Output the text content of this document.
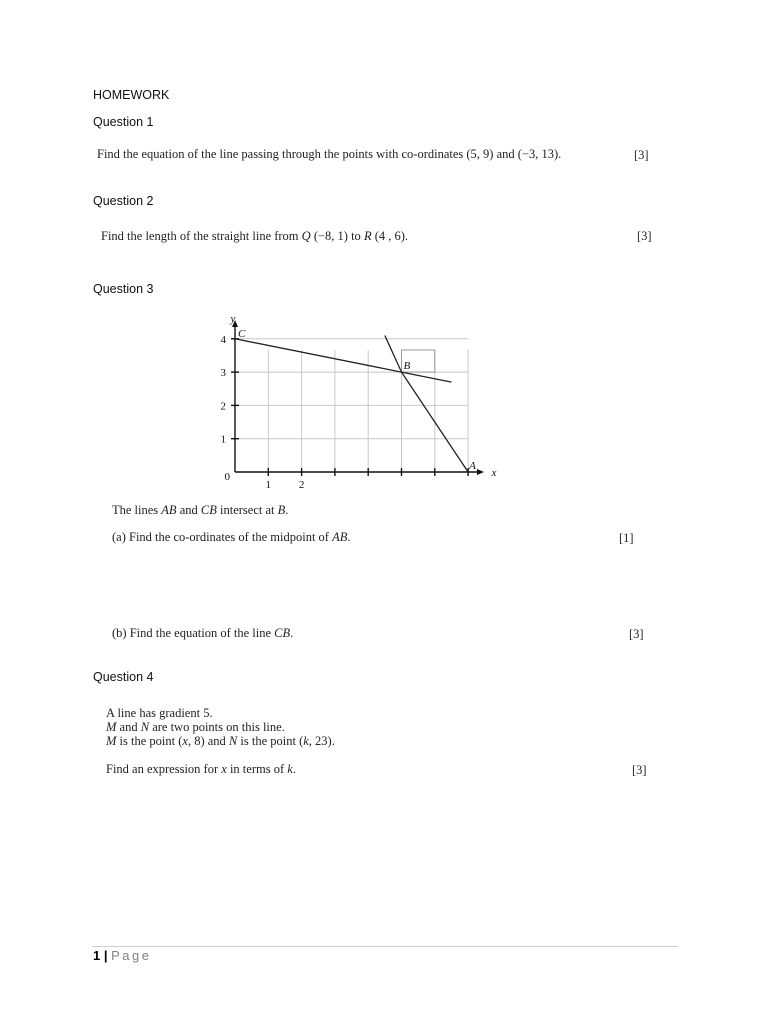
HOMEWORK
Question 1
Find the equation of the line passing through the points with co-ordinates (5, 9) and (−3, 13).	[3]
Question 2
Find the length of the straight line from Q (−8, 1) to R (4 , 6).	[3]
Question 3
y
x
0
1
2
3
4
1	2
C
B
A
The lines AB and CB intersect at B.
(a) Find the co-ordinates of the midpoint of AB.	[1]
(b) Find the equation of the line CB.	[3]
Question 4
A line has gradient 5.
M and N are two points on this line.
M is the point (x, 8) and N is the point (k, 23).
Find an expression for x in terms of k.	[3]
1 | Page
